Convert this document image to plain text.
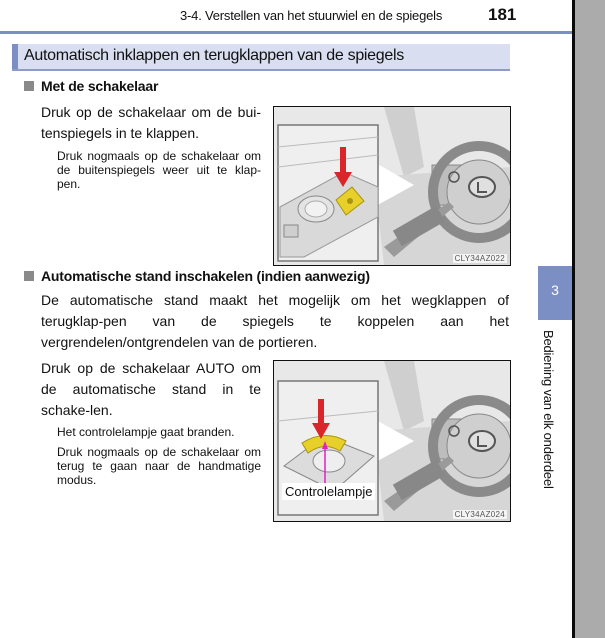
3-4. Verstellen van het stuurwiel en de spiegels	181
Automatisch inklappen en terugklappen van de spiegels
Met de schakelaar
Druk op de schakelaar om de bui-tenspiegels in te klappen.
Druk nogmaals op de schakelaar om de buitenspiegels weer uit te klap-pen.
CLY34AZ022
Automatische stand inschakelen (indien aanwezig)
De automatische stand maakt het mogelijk om het wegklappen of terugklap-pen van de spiegels te koppelen aan het vergrendelen/ontgrendelen van de portieren.
Druk op de schakelaar AUTO om de automatische stand in te schake-len.
Het controlelampje gaat branden.
Druk nogmaals op de schakelaar om terug te gaan naar de handmatige modus.
Controlelampje
CLY34AZ024
3
Bediening van elk onderdeel
